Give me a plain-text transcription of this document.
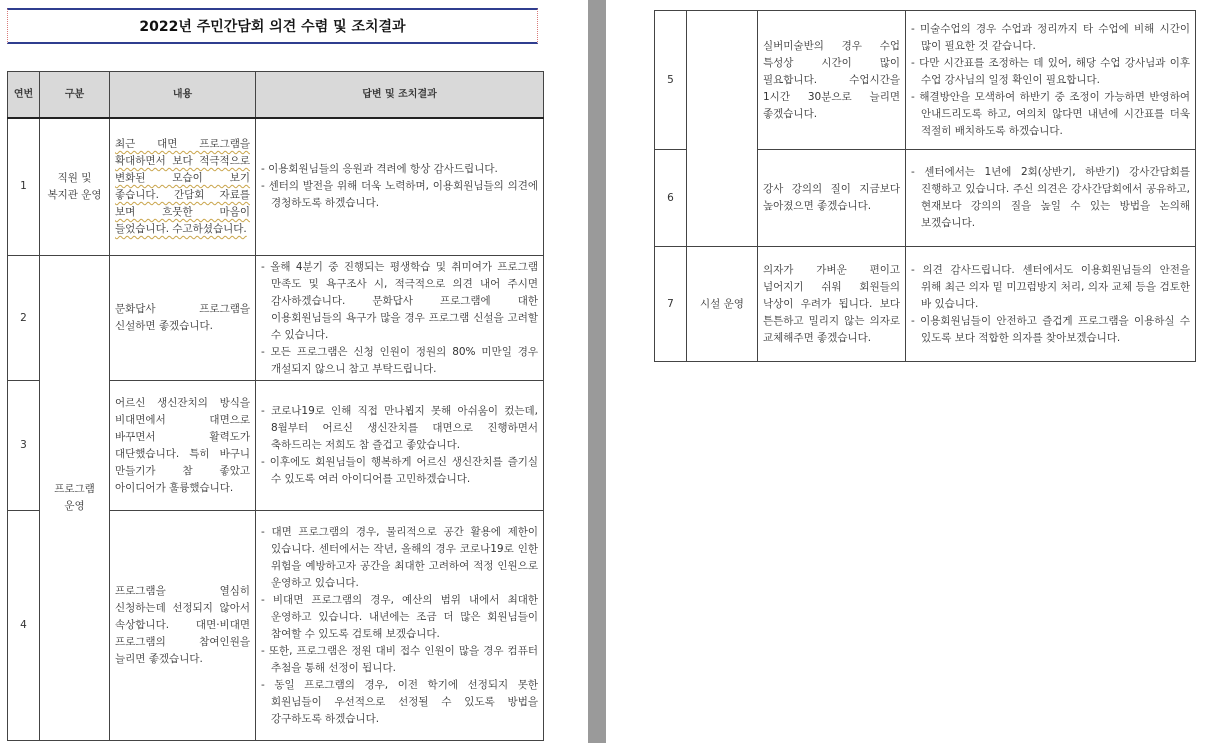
2022년 주민간담회 의견 수렴 및 조치결과
연번	구분	내용	답변 및 조치결과
1	직원 및 복지관 운영	최근 대면 프로그램을 확대하면서 보다 적극적으로 변화된 모습이 보기 좋습니다. 간담회 자료를 보며 흐뭇한 마음이 들었습니다. 수고하셨습니다.	- 이용회원님들의 응원과 격려에 항상 감사드립니다.
- 센터의 발전을 위해 더욱 노력하며, 이용회원님들의 의견에 경청하도록 하겠습니다.

2	프로그램 운영	문화답사 프로그램을 신설하면 좋겠습니다.	- 올해 4분기 중 진행되는 평생학습 및 취미여가 프로그램 만족도 및 욕구조사 시, 적극적으로 의견 내어 주시면 감사하겠습니다. 문화답사 프로그램에 대한 이용회원님들의 욕구가 많을 경우 프로그램 신설을 고려할 수 있습니다.
- 모든 프로그램은 신청 인원이 정원의 80% 미만일 경우 개설되지 않으니 참고 부탁드립니다.

3		어르신 생신잔치의 방식을 비대면에서 대면으로 바꾸면서 활력도가 대단했습니다. 특히 바구니 만들기가 참 좋았고 아이디어가 훌륭했습니다.	- 코로나19로 인해 직접 만나뵙지 못해 아쉬움이 컸는데, 8월부터 어르신 생신잔치를 대면으로 진행하면서 축하드리는 저희도 참 즐겁고 좋았습니다.
- 이후에도 회원님들이 행복하게 어르신 생신잔치를 즐기실 수 있도록 여러 아이디어를 고민하겠습니다.

4		프로그램을 열심히 신청하는데 선정되지 않아서 속상합니다. 대면·비대면 프로그램의 참여인원을 늘리면 좋겠습니다.	- 대면 프로그램의 경우, 물리적으로 공간 활용에 제한이 있습니다. 센터에서는 작년, 올해의 경우 코로나19로 인한 위험을 예방하고자 공간을 최대한 고려하여 적정 인원으로 운영하고 있습니다.
- 비대면 프로그램의 경우, 예산의 범위 내에서 최대한 운영하고 있습니다. 내년에는 조금 더 많은 회원님들이 참여할 수 있도록 검토해 보겠습니다.
- 또한, 프로그램은 정원 대비 접수 인원이 많을 경우 컴퓨터 추첨을 통해 선정이 됩니다.
- 동일 프로그램의 경우, 이전 학기에 선정되지 못한 회원님들이 우선적으로 선정될 수 있도록 방법을 강구하도록 하겠습니다.
5		실버미술반의 경우 수업 특성상 시간이 많이 필요합니다. 수업시간을 1시간 30분으로 늘리면 좋겠습니다.	- 미술수업의 경우 수업과 정리까지 타 수업에 비해 시간이 많이 필요한 것 같습니다.
- 다만 시간표를 조정하는 데 있어, 해당 수업 강사님과 이후 수업 강사님의 일정 확인이 필요합니다.
- 해결방안을 모색하여 하반기 중 조정이 가능하면 반영하여 안내드리도록 하고, 여의치 않다면 내년에 시간표를 더욱 적절히 배치하도록 하겠습니다.

6		강사 강의의 질이 지금보다 높아졌으면 좋겠습니다.	- 센터에서는 1년에 2회(상반기, 하반기) 강사간담회를 진행하고 있습니다. 주신 의견은 강사간담회에서 공유하고, 현재보다 강의의 질을 높일 수 있는 방법을 논의해 보겠습니다.

7	시설 운영	의자가 가벼운 편이고 넘어지기 쉬워 회원들의 낙상이 우려가 됩니다. 보다 튼튼하고 밀리지 않는 의자로 교체해주면 좋겠습니다.	- 의견 감사드립니다. 센터에서도 이용회원님들의 안전을 위해 최근 의자 밑 미끄럼방지 처리, 의자 교체 등을 검토한 바 있습니다.
- 이용회원님들이 안전하고 즐겁게 프로그램을 이용하실 수 있도록 보다 적합한 의자를 찾아보겠습니다.
